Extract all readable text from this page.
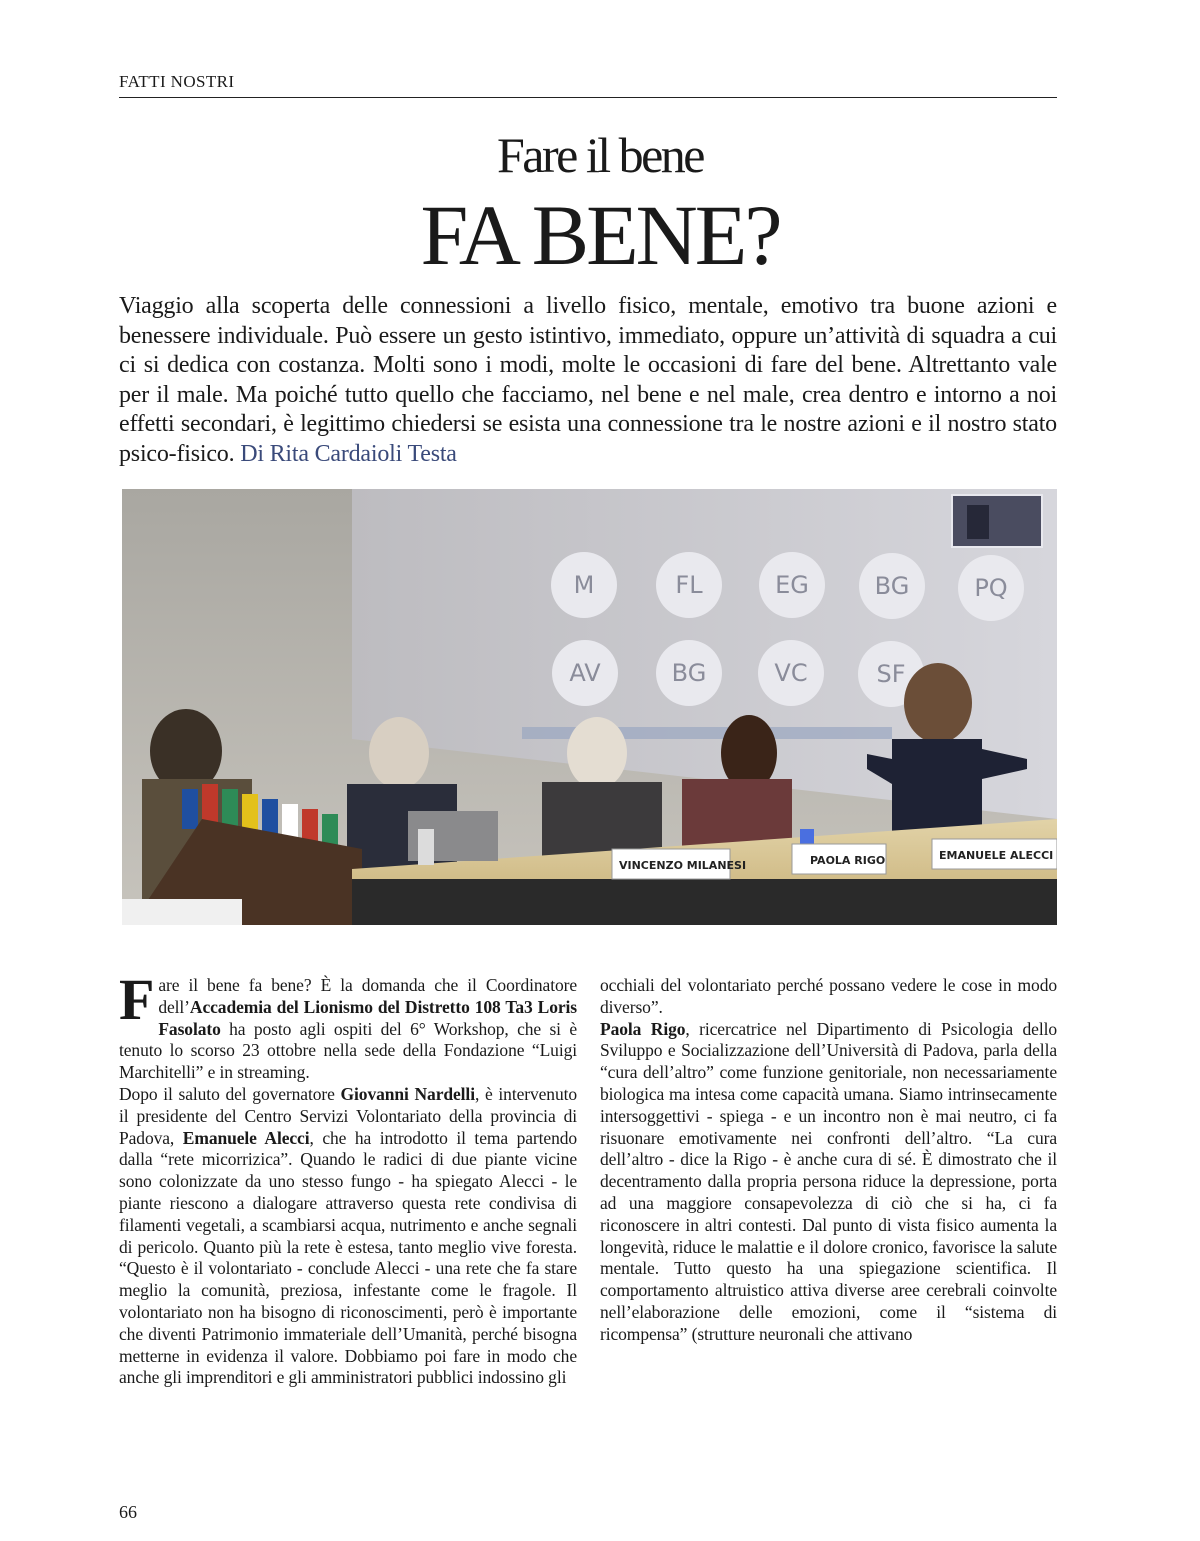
FATTI NOSTRI
Fare il bene
FA BENE?
Viaggio alla scoperta delle connessioni a livello fisico, mentale, emotivo tra buone azioni e benessere individuale. Può essere un gesto istintivo, immediato, oppure un’attività di squadra a cui ci si dedica con costanza. Molti sono i modi, molte le occasioni di fare del bene. Altrettanto vale per il male. Ma poiché tutto quello che facciamo, nel bene e nel male, crea dentro e intorno a noi effetti secondari, è legittimo chiedersi se esista una connessione tra le nostre azioni e il nostro stato psico-fisico. Di Rita Cardaioli Testa
M	FL	EG	BG	PQ
AV	BG	VC	SF
VINCENZO MILANESI	PAOLA RIGO	EMANUELE ALECCI

Fare il bene fa bene? È la domanda che il Coordinatore dell’Accademia del Lionismo del Distretto 108 Ta3 Loris Fasolato ha posto agli ospiti del 6° Workshop, che si è tenuto lo scorso 23 ottobre nella sede della Fondazione “Luigi Marchitelli” e in streaming.

Dopo il saluto del governatore Giovanni Nardelli, è intervenuto il presidente del Centro Servizi Volontariato della provincia di Padova, Emanuele Alecci, che ha introdotto il tema partendo dalla “rete micorrizica”. Quando le radici di due piante vicine sono colonizzate da uno stesso fungo - ha spiegato Alecci - le piante riescono a dialogare attraverso questa rete condivisa di filamenti vegetali, a scambiarsi acqua, nutrimento e anche segnali di pericolo. Quanto più la rete è estesa, tanto meglio vive foresta. “Questo è il volontariato - conclude Alecci - una rete che fa stare meglio la comunità, preziosa, infestante come le fragole. Il volontariato non ha bisogno di riconoscimenti, però è importante che diventi Patrimonio immateriale dell’Umanità, perché bisogna metterne in evidenza il valore. Dobbiamo poi fare in modo che anche gli imprenditori e gli amministratori pubblici indossino gli

occhiali del volontariato perché possano vedere le cose in modo diverso”.

Paola Rigo, ricercatrice nel Dipartimento di Psicologia dello Sviluppo e Socializzazione dell’Università di Padova, parla della “cura dell’altro” come funzione genitoriale, non necessariamente biologica ma intesa come capacità umana. Siamo intrinsecamente intersoggettivi - spiega - e un incontro non è mai neutro, ci fa risuonare emotivamente nei confronti dell’altro. “La cura dell’altro - dice la Rigo - è anche cura di sé. È dimostrato che il decentramento dalla propria persona riduce la depressione, porta ad una maggiore consapevolezza di ciò che si ha, ci fa riconoscere in altri contesti. Dal punto di vista fisico aumenta la longevità, riduce le malattie e il dolore cronico, favorisce la salute mentale. Tutto questo ha una spiegazione scientifica. Il comportamento altruistico attiva diverse aree cerebrali coinvolte nell’elaborazione delle emozioni, come il “sistema di ricompensa” (strutture neuronali che attivano

66
